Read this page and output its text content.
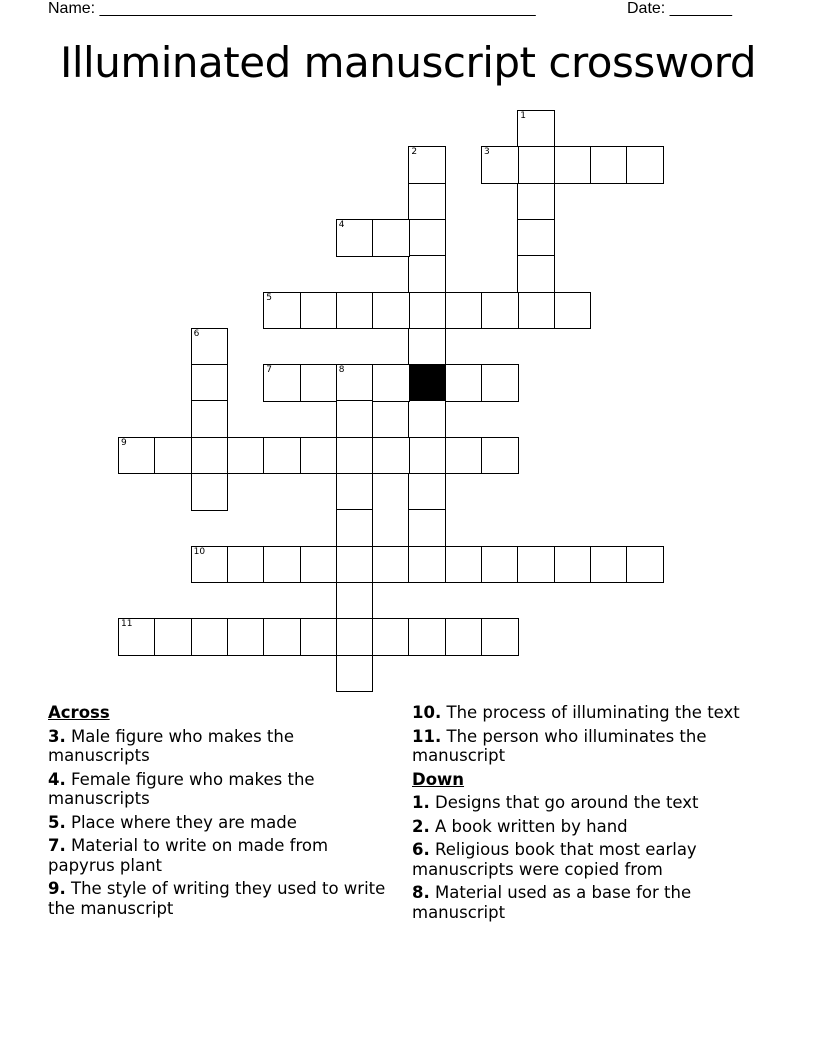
Name: _________________________________________________	Date: _______
Illuminated manuscript crossword
1
2	3
4
5
6
7	8
9
10
11
Across
3. Male figure who makes the manuscripts
4. Female figure who makes the manuscripts
5. Place where they are made
7. Material to write on made from papyrus plant
9. The style of writing they used to write the manuscript
10. The process of illuminating the text
11. The person who illuminates the manuscript
Down
1. Designs that go around the text
2. A book written by hand
6. Religious book that most earlay manuscripts were copied from
8. Material used as a base for the manuscript
